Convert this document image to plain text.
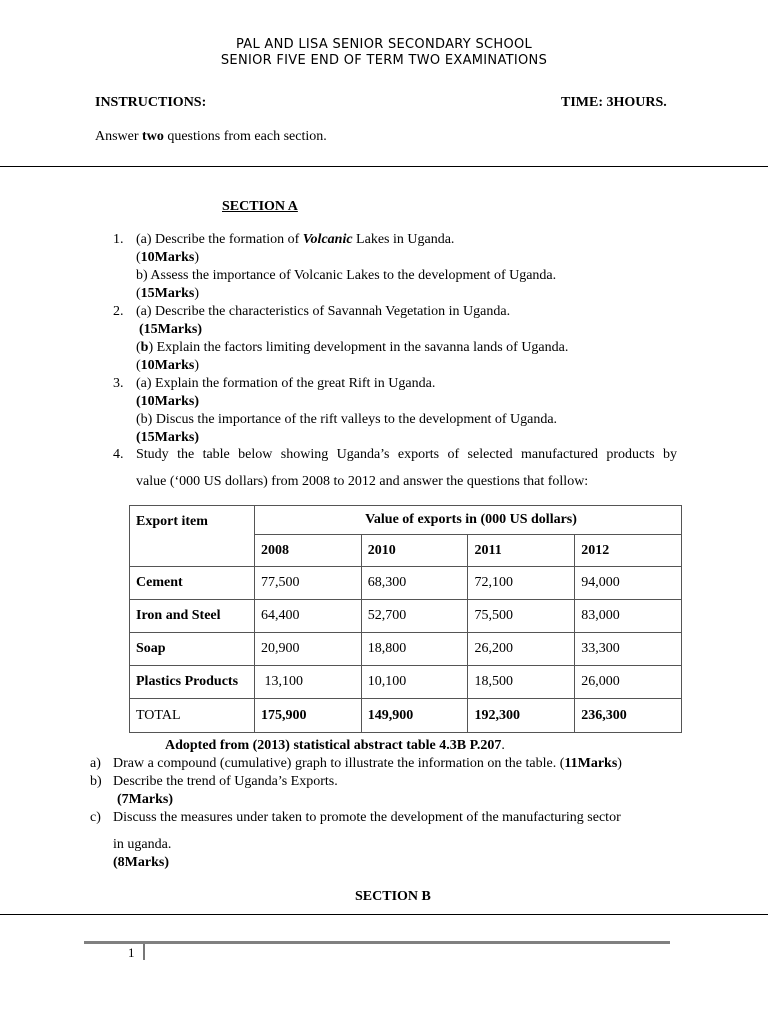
PAL AND LISA SENIOR SECONDARY SCHOOL
SENIOR FIVE END OF TERM TWO EXAMINATIONS
INSTRUCTIONS:	TIME: 3HOURS.
Answer two questions from each section.
SECTION A
1. (a) Describe the formation of Volcanic Lakes in Uganda.
(10Marks)
b) Assess the importance of Volcanic Lakes to the development of Uganda.
(15Marks)
2. (a) Describe the characteristics of Savannah Vegetation in Uganda.
(15Marks)
(b) Explain the factors limiting development in the savanna lands of Uganda.
(10Marks)
3. (a) Explain the formation of the great Rift in Uganda.
(10Marks)
(b) Discus the importance of the rift valleys to the development of Uganda.
(15Marks)
4. Study the table below showing Uganda’s exports of selected manufactured products by
value (‘000 US dollars) from 2008 to 2012 and answer the questions that follow:
Export item	Value of exports in (000 US dollars)			
	2008	2010	2011	2012
Cement	77,500	68,300	72,100	94,000
Iron and Steel	64,400	52,700	75,500	83,000
Soap	20,900	18,800	26,200	33,300
Plastics Products	13,100	10,100	18,500	26,000
TOTAL	175,900	149,900	192,300	236,300
Adopted from (2013) statistical abstract table 4.3B P.207.
a) Draw a compound (cumulative) graph to illustrate the information on the table. (11Marks)
b) Describe the trend of Uganda’s Exports.
(7Marks)
c) Discuss the measures under taken to promote the development of the manufacturing sector
in uganda.
(8Marks)
SECTION B
1
